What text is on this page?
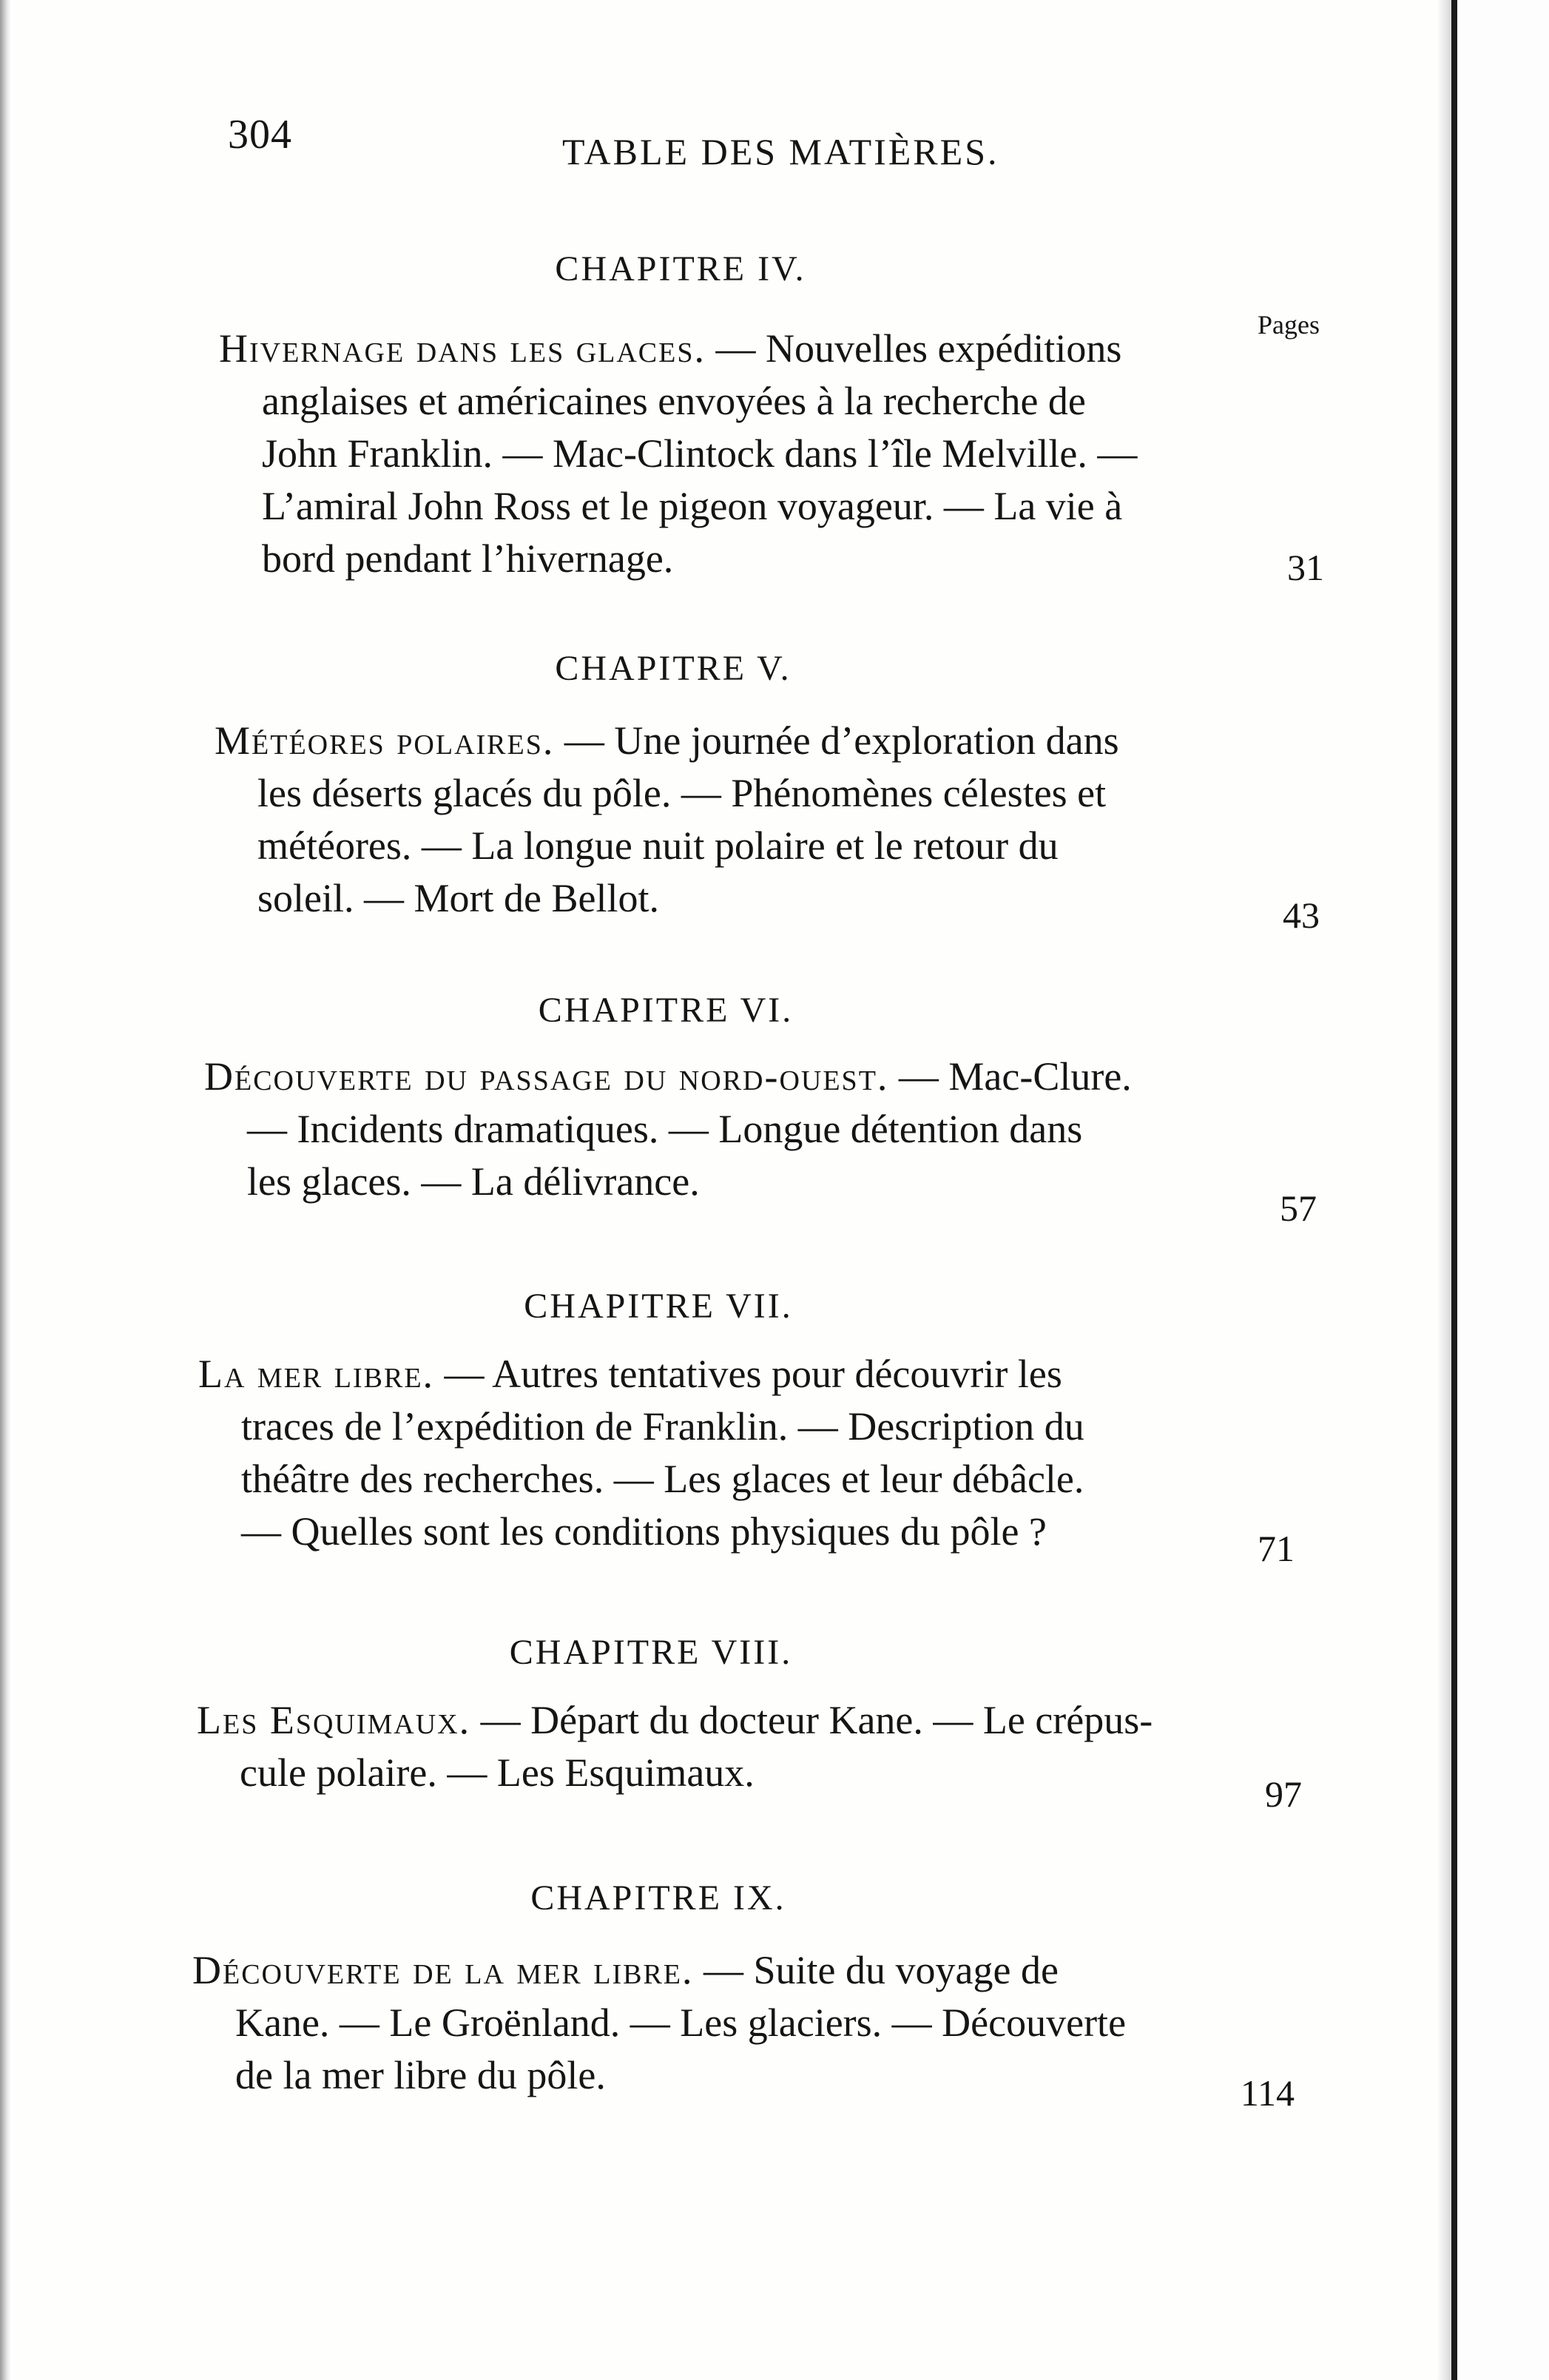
304	TABLE DES MATIÈRES.
Pages
CHAPITRE IV.
Hivernage dans les glaces. — Nouvelles expéditions
anglaises et américaines envoyées à la recherche de
John Franklin. — Mac-Clintock dans l’île Melville. —
L’amiral John Ross et le pigeon voyageur. — La vie à
bord pendant l’hivernage.	31
CHAPITRE V.
Météores polaires. — Une journée d’exploration dans
les déserts glacés du pôle. — Phénomènes célestes et
météores. — La longue nuit polaire et le retour du
soleil. — Mort de Bellot.	43
CHAPITRE VI.
Découverte du passage du nord-ouest. — Mac-Clure.
— Incidents dramatiques. — Longue détention dans
les glaces. — La délivrance.
57
CHAPITRE VII.
La mer libre. — Autres tentatives pour découvrir les
traces de l’expédition de Franklin. — Description du
théâtre des recherches. — Les glaces et leur débâcle.
— Quelles sont les conditions physiques du pôle ?	71
CHAPITRE VIII.
Les Esquimaux. — Départ du docteur Kane. — Le crépus-
cule polaire. — Les Esquimaux.	97
CHAPITRE IX.
Découverte de la mer libre. — Suite du voyage de
Kane. — Le Groënland. — Les glaciers. — Découverte
de la mer libre du pôle.	114
